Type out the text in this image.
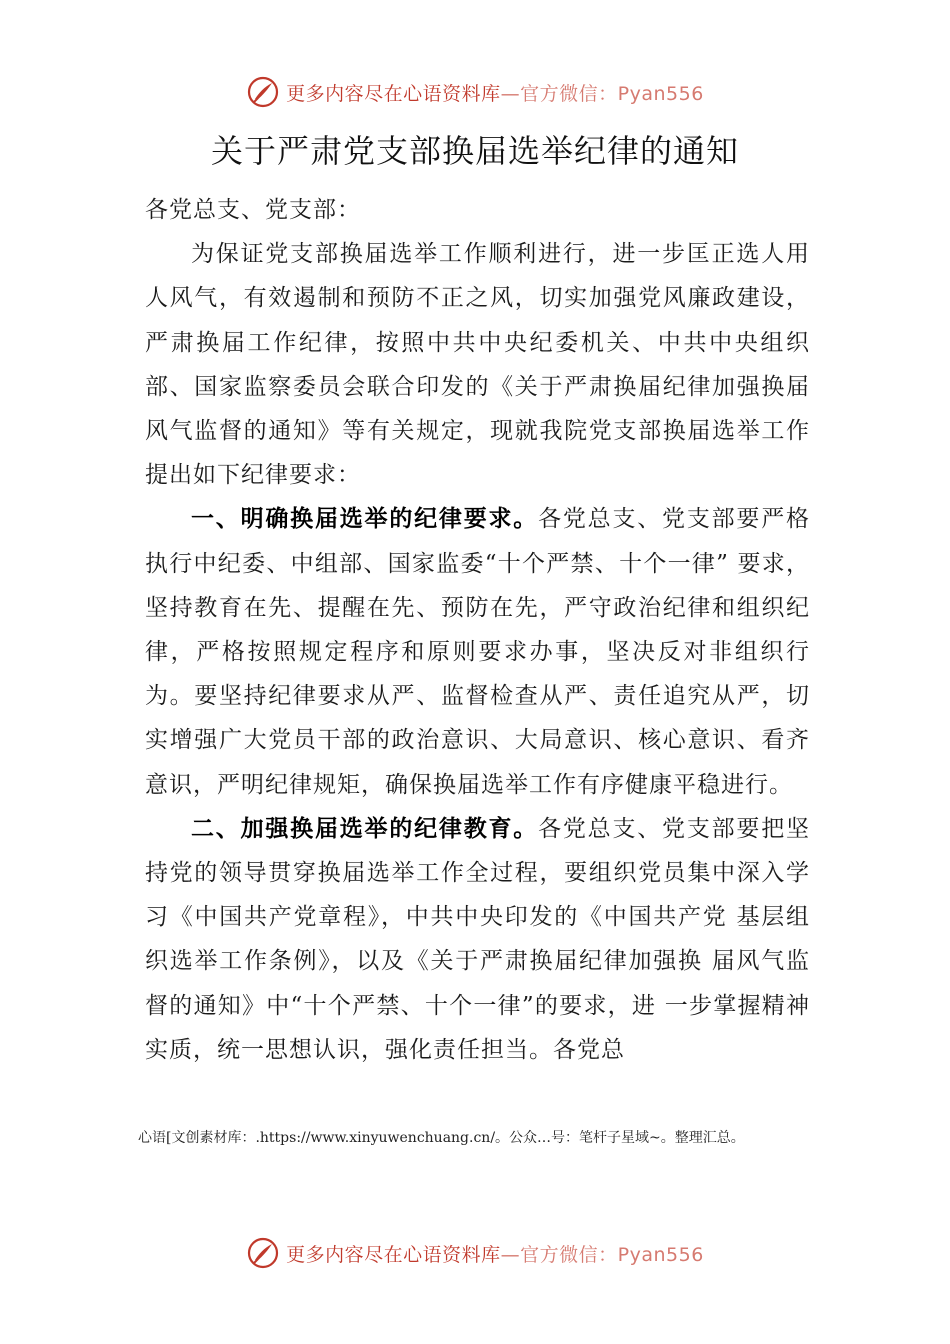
更多内容尽在心语资料库—官方微信：Pyan556
关于严肃党支部换届选举纪律的通知

各党总支、党支部：

为保证党支部换届选举工作顺利进行，进一步匡正选人用人风气，有效遏制和预防不正之风，切实加强党风廉政建设，严肃换届工作纪律，按照中共中央纪委机关、中共中央组织部、国家监察委员会联合印发的《关于严肃换届纪律加强换届风气监督的通知》等有关规定，现就我院党支部换届选举工作提出如下纪律要求：

一、明确换届选举的纪律要求。各党总支、党支部要严格执行中纪委、中组部、国家监委“十个严禁、十个一律” 要求，坚持教育在先、提醒在先、预防在先，严守政治纪律和组织纪律，严格按照规定程序和原则要求办事，坚决反对非组织行为。要坚持纪律要求从严、监督检查从严、责任追究从严，切实增强广大党员干部的政治意识、大局意识、核心意识、看齐意识，严明纪律规矩，确保换届选举工作有序健康平稳进行。

二、加强换届选举的纪律教育。各党总支、党支部要把坚持党的领导贯穿换届选举工作全过程，要组织党员集中深入学习《中国共产党章程》，中共中央印发的《中国共产党 基层组织选举工作条例》，以及《关于严肃换届纪律加强换 届风气监督的通知》中“十个严禁、十个一律”的要求，进 一步掌握精神实质，统一思想认识，强化责任担当。各党总

心语[文创素材库：.https://www.xinyuwenchuang.cn/。公众…号：笔杆子星域~。整理汇总。
更多内容尽在心语资料库—官方微信：Pyan556
